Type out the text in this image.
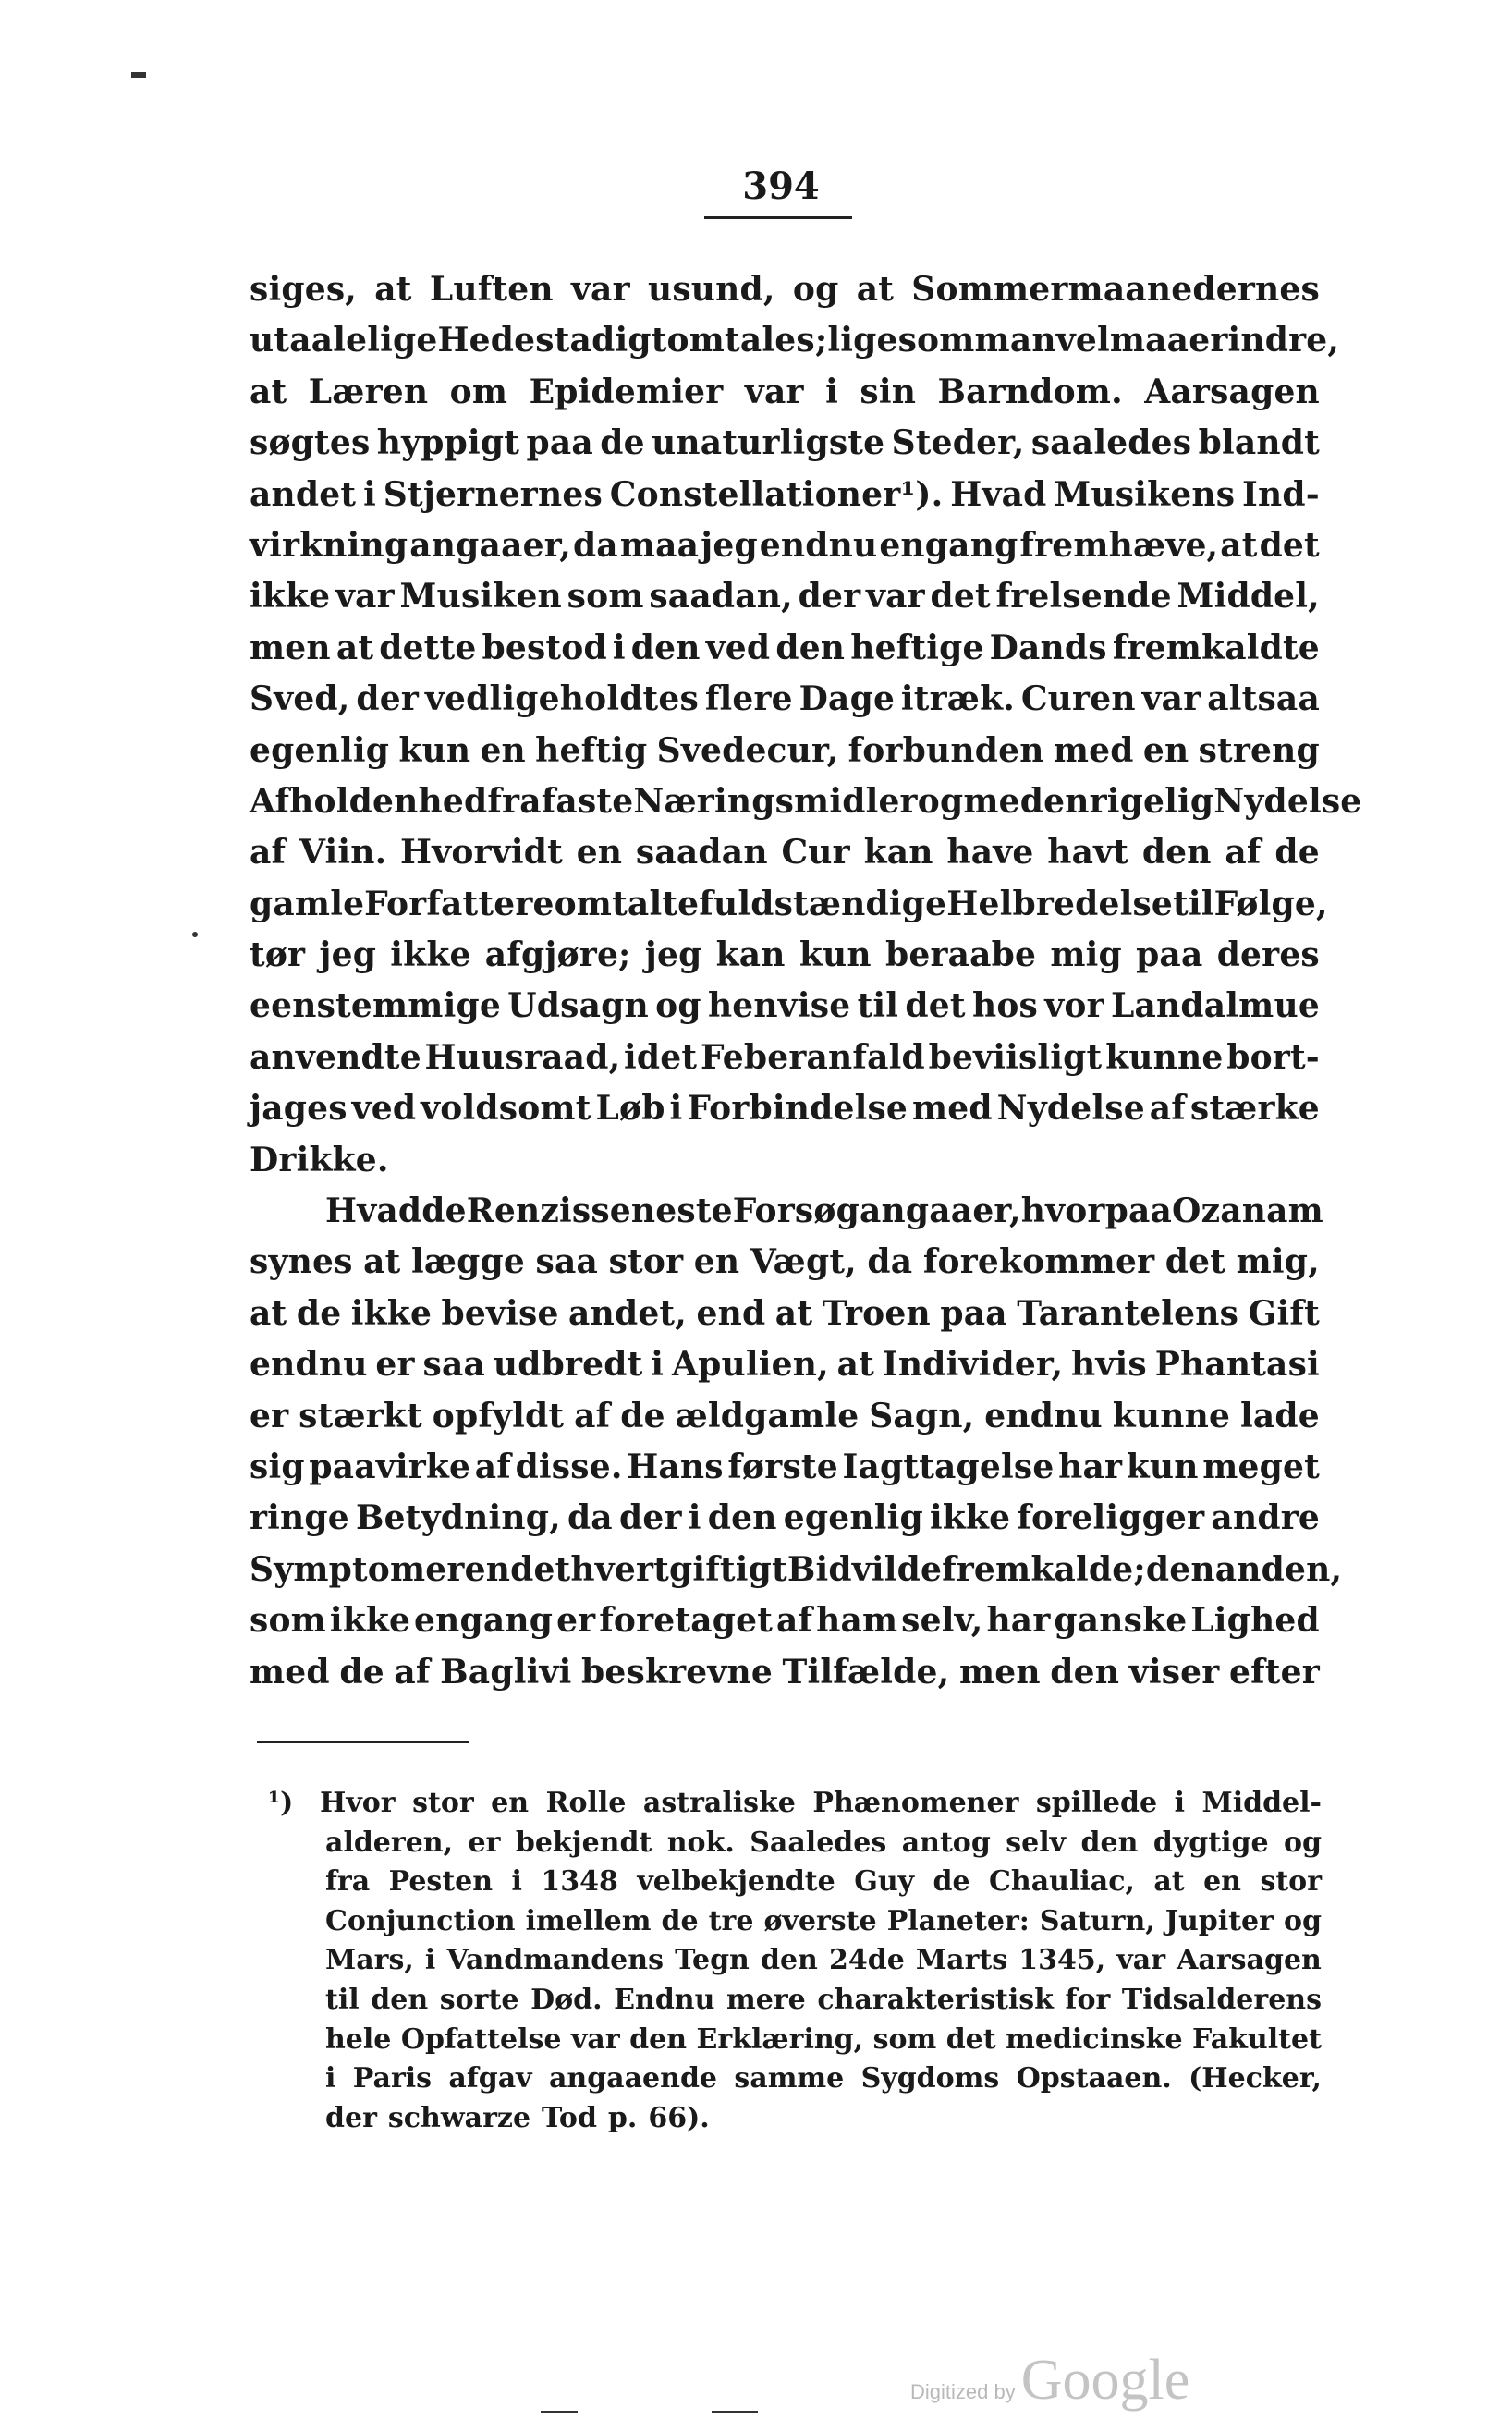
394
siges, at Luften var usund, og at Sommermaanedernes
utaalelige Hede stadigt omtales; ligesom man vel maa erindre,
at Læren om Epidemier var i sin Barndom. Aarsagen
søgtes hyppigt paa de unaturligste Steder, saaledes blandt
andet i Stjernernes Constellationer¹). Hvad Musikens Ind-
virkning angaaer, da maa jeg endnu engang fremhæve, at det
ikke var Musiken som saadan, der var det frelsende Middel,
men at dette bestod i den ved den heftige Dands fremkaldte
Sved, der vedligeholdtes flere Dage itræk. Curen var altsaa
egenlig kun en heftig Svedecur, forbunden med en streng
Afholdenhed fra faste Næringsmidler og med en rigelig Nydelse
af Viin. Hvorvidt en saadan Cur kan have havt den af de
gamle Forfattere omtalte fuldstændige Helbredelse til Følge,
tør jeg ikke afgjøre; jeg kan kun beraabe mig paa deres
eenstemmige Udsagn og henvise til det hos vor Landalmue
anvendte Huusraad, idet Feberanfald beviisligt kunne bort-
jages ved voldsomt Løb i Forbindelse med Nydelse af stærke
Drikke.
Hvad de Renzis seneste Forsøg angaaer, hvorpaa Ozanam
synes at lægge saa stor en Vægt, da forekommer det mig,
at de ikke bevise andet, end at Troen paa Tarantelens Gift
endnu er saa udbredt i Apulien, at Individer, hvis Phantasi
er stærkt opfyldt af de ældgamle Sagn, endnu kunne lade
sig paavirke af disse. Hans første Iagttagelse har kun meget
ringe Betydning, da der i den egenlig ikke foreligger andre
Symptomer end ethvert giftigt Bid vilde fremkalde; den anden,
som ikke engang er foretaget af ham selv, har ganske Lighed
med de af Baglivi beskrevne Tilfælde, men den viser efter
¹) Hvor stor en Rolle astraliske Phænomener spillede i Middel-
alderen, er bekjendt nok. Saaledes antog selv den dygtige og
fra Pesten i 1348 velbekjendte Guy de Chauliac, at en stor
Conjunction imellem de tre øverste Planeter: Saturn, Jupiter og
Mars, i Vandmandens Tegn den 24de Marts 1345, var Aarsagen
til den sorte Død. Endnu mere charakteristisk for Tidsalderens
hele Opfattelse var den Erklæring, som det medicinske Fakultet
i Paris afgav angaaende samme Sygdoms Opstaaen. (Hecker,
der schwarze Tod p. 66).
Digitized by Google
